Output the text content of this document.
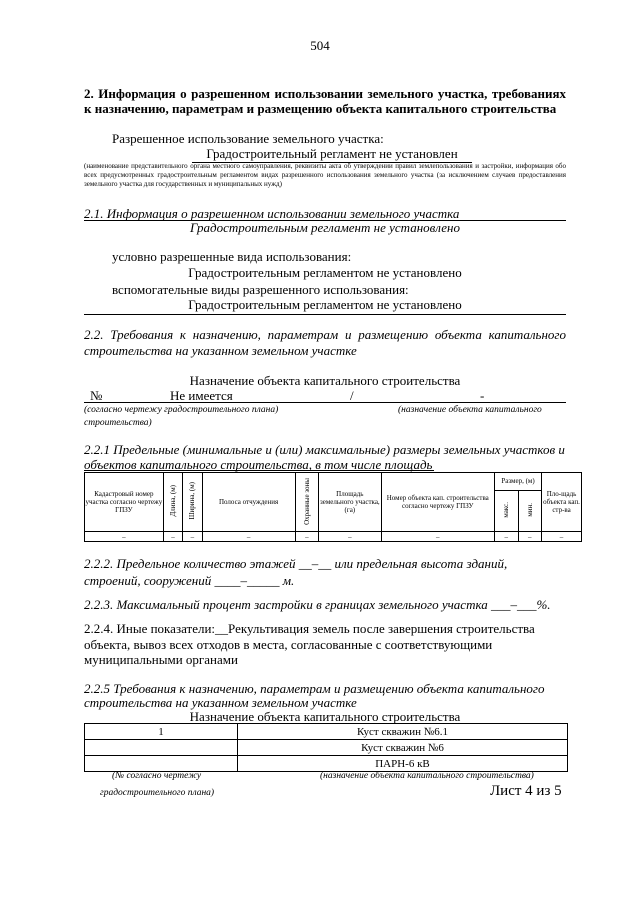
504
2. Информация о разрешенном использовании земельного участка, требованиях к назначению, параметрам и размещению объекта капитального строительства
Разрешенное использование земельного участка:
Градостроительный регламент не установлен
(наименование представительного органа местного самоуправления, реквизиты акта об утверждении правил землепользования и застройки, информация обо всех предусмотренных градостроительным регламентом видах разрешенного использования земельного участка (за исключением случаев предоставления земельного участка для государственных и муниципальных нужд)
2.1. Информация о разрешенном использовании земельного участка
Градостроительным регламент не установлено
условно разрешенные вида использования:
Градостроительным регламентом не установлено
вспомогательные виды разрешенного использования:
Градостроительным регламентом не установлено
2.2. Требования к назначению, параметрам и размещению объекта капитального строительства на указанном земельном участке
Назначение объекта капитального строительства
№	Не имеется	/	-
(согласно чертежу градостроительного плана)	(назначение объекта капитального
строительства)
2.2.1 Предельные (минимальные и (или) максимальные) размеры земельных участков и объектов капитального строительства, в том числе площадь
Кадастровый номер участка согласно чертежу ГПЗУ	Длина, (м)	Ширина, (м)	Полоса отчуждения	Охранные зоны	Площадь земельного участка, (га)	Номер объекта кап. строительства согласно чертежу ГПЗУ	Размер, (м)		Пло-щадь объекта кап. стр-ва
							макс.	мин.	
–	–	–	–	–	–	–	–	–	–
2.2.2. Предельное количество этажей __–__ или предельная высота зданий,
строений, сооружений ____–_____ м.
2.2.3. Максимальный процент застройки в границах земельного участка ___–___%.
2.2.4. Иные показатели:__Рекультивация земель после завершения строительства
объекта, вывоз всех отходов в места, согласованные с соответствующими
муниципальными органами
2.2.5 Требования к назначению, параметрам и размещению объекта капитального
строительства на указанном земельном участке
Назначение объекта капитального строительства
1	Куст скважин №6.1
	Куст скважин №6
	ПАРН-6 кВ
(№ согласно чертежу	(назначение объекта капитального строительства)
градостроительного плана)	Лист 4 из 5
